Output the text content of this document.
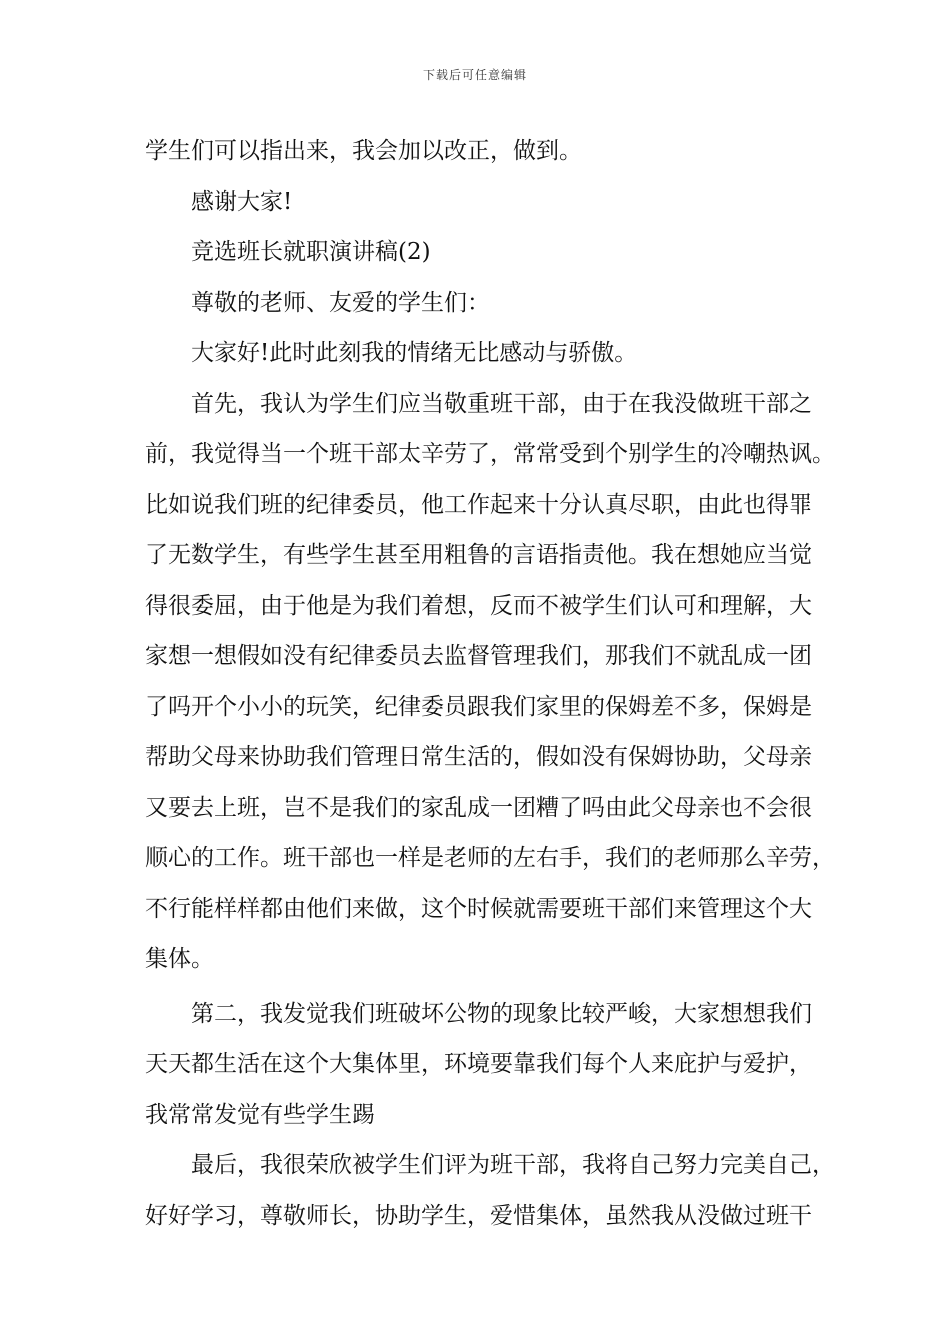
下载后可任意编辑
学生们可以指出来，我会加以改正，做到。
感谢大家!
竞选班长就职演讲稿(2)
尊敬的老师、友爱的学生们：
大家好!此时此刻我的情绪无比感动与骄傲。
首先，我认为学生们应当敬重班干部，由于在我没做班干部之
前，我觉得当一个班干部太辛劳了，常常受到个别学生的冷嘲热讽。
比如说我们班的纪律委员，他工作起来十分认真尽职，由此也得罪
了无数学生，有些学生甚至用粗鲁的言语指责他。我在想她应当觉
得很委屈，由于他是为我们着想，反而不被学生们认可和理解，大
家想一想假如没有纪律委员去监督管理我们，那我们不就乱成一团
了吗开个小小的玩笑，纪律委员跟我们家里的保姆差不多，保姆是
帮助父母来协助我们管理日常生活的，假如没有保姆协助，父母亲
又要去上班，岂不是我们的家乱成一团糟了吗由此父母亲也不会很
顺心的工作。班干部也一样是老师的左右手，我们的老师那么辛劳，
不行能样样都由他们来做，这个时候就需要班干部们来管理这个大
集体。
第二，我发觉我们班破坏公物的现象比较严峻，大家想想我们
天天都生活在这个大集体里，环境要靠我们每个人来庇护与爱护，
我常常发觉有些学生踢
最后，我很荣欣被学生们评为班干部，我将自己努力完美自己，
好好学习，尊敬师长，协助学生，爱惜集体，虽然我从没做过班干
